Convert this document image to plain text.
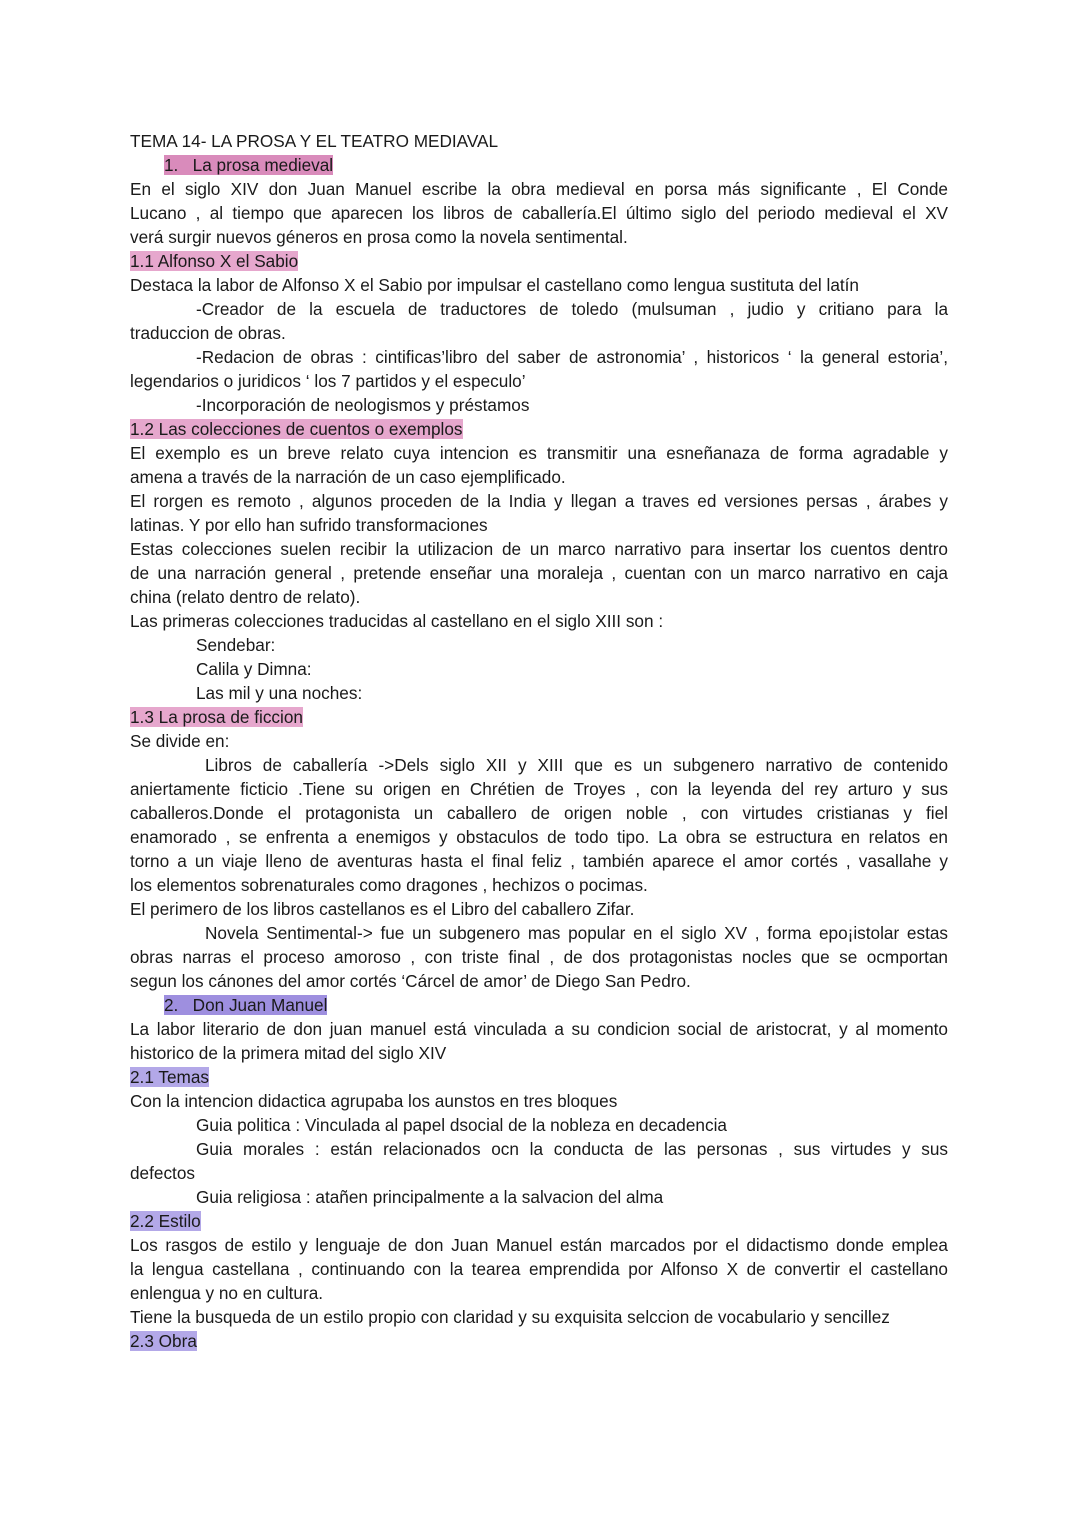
TEMA 14- LA PROSA Y EL TEATRO MEDIAVAL
1.   La prosa medieval
En el siglo XIV don Juan Manuel escribe la obra medieval en porsa más significante , El Conde
Lucano , al tiempo que aparecen los libros de caballería.El último siglo del periodo medieval el XV
verá surgir nuevos géneros en prosa como la novela sentimental.
1.1 Alfonso X el Sabio
Destaca la labor de Alfonso X el Sabio por impulsar el castellano como lengua sustituta del latín
-Creador de la escuela de traductores de toledo (mulsuman , judio y critiano para la
traduccion de obras.
-Redacion de obras : cintificas’libro del saber de astronomia’ , historicos ‘ la general estoria’,
legendarios o juridicos ‘ los 7 partidos y el especulo’
-Incorporación de neologismos y préstamos
1.2 Las colecciones de cuentos o exemplos
El exemplo es un breve relato cuya intencion es transmitir una esneñanaza de forma agradable y
amena a través de la narración de un caso ejemplificado.
El rorgen es remoto , algunos proceden de la India y llegan a traves ed versiones persas , árabes y
latinas. Y por ello han sufrido transformaciones
Estas colecciones suelen recibir la utilizacion de un marco narrativo para insertar los cuentos dentro
de una narración general , pretende enseñar una moraleja , cuentan con un marco narrativo en caja
china (relato dentro de relato).
Las primeras colecciones traducidas al castellano en el siglo XIII son :
Sendebar:
Calila y Dimna:
Las mil y una noches:
1.3 La prosa de ficcion
Se divide en:
Libros de caballería ->Dels siglo XII y XIII que es un subgenero narrativo de contenido
aniertamente ficticio .Tiene su origen en Chrétien de Troyes , con la leyenda del rey arturo y sus
caballeros.Donde el protagonista un caballero de origen noble , con virtudes cristianas y fiel
enamorado , se enfrenta a enemigos y obstaculos de todo tipo. La obra se estructura en relatos en
torno a un viaje lleno de aventuras hasta el final feliz , también aparece el amor cortés , vasallahe y
los elementos sobrenaturales como dragones , hechizos o pocimas.
El perimero de los libros castellanos es el Libro del caballero Zifar.
Novela Sentimental-> fue un subgenero mas popular en el siglo XV , forma epo¡istolar estas
obras narras el proceso amoroso , con triste final , de dos protagonistas nocles que se ocmportan
segun los cánones del amor cortés ‘Cárcel de amor’ de Diego San Pedro.
2.   Don Juan Manuel
La labor literario de don juan manuel está vinculada a su condicion social de aristocrat, y al momento
historico de la primera mitad del siglo XIV
2.1 Temas
Con la intencion didactica agrupaba los aunstos en tres bloques
Guia politica : Vinculada al papel dsocial de la nobleza en decadencia
Guia morales : están relacionados ocn la conducta de las personas , sus virtudes y sus
defectos
Guia religiosa : atañen principalmente a la salvacion del alma
2.2 Estilo
Los rasgos de estilo y lenguaje de don Juan Manuel están marcados por el didactismo donde emplea
la lengua castellana , continuando con la tearea emprendida por Alfonso X de convertir el castellano
enlengua y no en cultura.
Tiene la busqueda de un estilo propio con claridad y su exquisita selccion de vocabulario y sencillez
2.3 Obra
